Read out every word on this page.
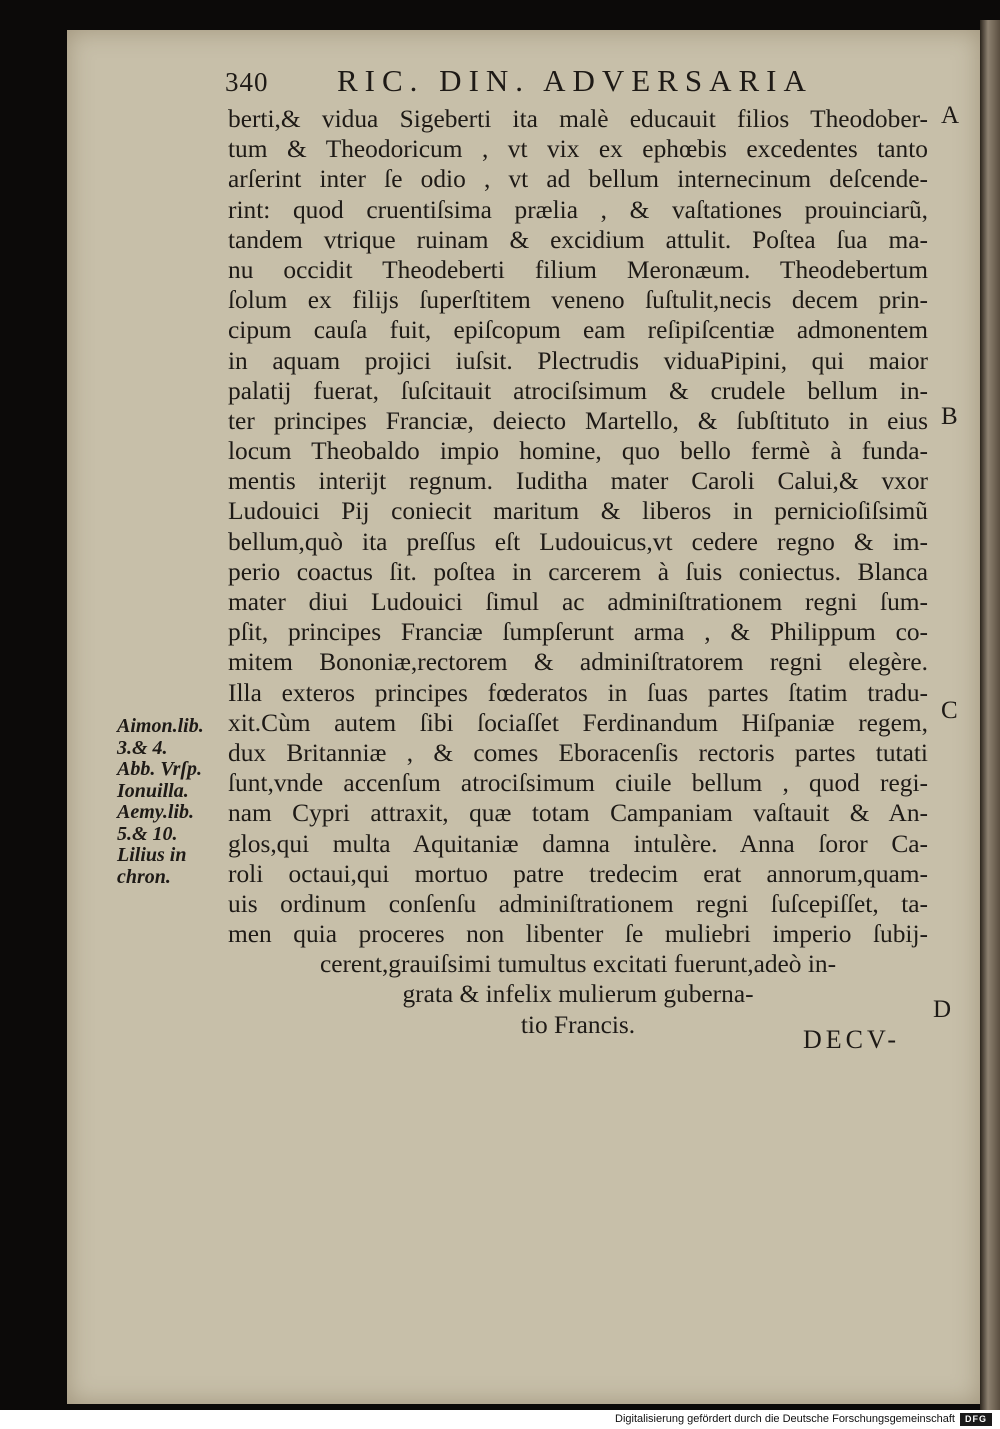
340 RIC. DIN. ADVERSARIA
berti,& vidua Sigeberti ita malè educauit filios Theodober-
tum & Theodoricum , vt vix ex ephœbis excedentes tanto
arſerint inter ſe odio , vt ad bellum internecinum deſcende-
rint: quod cruentiſsima prælia , & vaſtationes prouinciarũ,
tandem vtrique ruinam & excidium attulit. Poſtea ſua ma-
nu occidit Theodeberti filium Meronæum. Theodebertum
ſolum ex filijs ſuperſtitem veneno ſuſtulit,necis decem prin-
cipum cauſa fuit, epiſcopum eam reſipiſcentiæ admonentem
in aquam projici iuſsit. Plectrudis viduaPipini, qui maior
palatij fuerat, ſuſcitauit atrociſsimum & crudele bellum in-
ter principes Franciæ, deiecto Martello, & ſubſtituto in eius
locum Theobaldo impio homine, quo bello fermè à funda-
mentis interijt regnum. Iuditha mater Caroli Calui,& vxor
Ludouici Pij coniecit maritum & liberos in pernicioſiſsimũ
bellum,quò ita preſſus eſt Ludouicus,vt cedere regno & im-
perio coactus ſit. poſtea in carcerem à ſuis coniectus. Blanca
mater diui Ludouici ſimul ac adminiſtrationem regni ſum-
pſit, principes Franciæ ſumpſerunt arma , & Philippum co-
mitem Bononiæ,rectorem & adminiſtratorem regni elegère.
Illa exteros principes fœderatos in ſuas partes ſtatim tradu-
xit.Cùm autem ſibi ſociaſſet Ferdinandum Hiſpaniæ regem,
dux Britanniæ , & comes Eboracenſis rectoris partes tutati
ſunt,vnde accenſum atrociſsimum ciuile bellum , quod regi-
nam Cypri attraxit, quæ totam Campaniam vaſtauit & An-
glos,qui multa Aquitaniæ damna intulère. Anna ſoror Ca-
roli octaui,qui mortuo patre tredecim erat annorum,quam-
uis ordinum conſenſu adminiſtrationem regni ſuſcepiſſet, ta-
men quia proceres non libenter ſe muliebri imperio ſubij-
cerent,grauiſsimi tumultus excitati fuerunt,adeò in-
grata & infelix mulierum guberna-
tio Francis.
A
B
C
D
Aimon.lib.
3.& 4.
Abb. Vrſp.
Ionuilla.
Aemy.lib.
5.& 10.
Lilius in
chron.
DECV-
Digitalisierung gefördert durch die Deutsche Forschungsgemeinschaft	DFG
